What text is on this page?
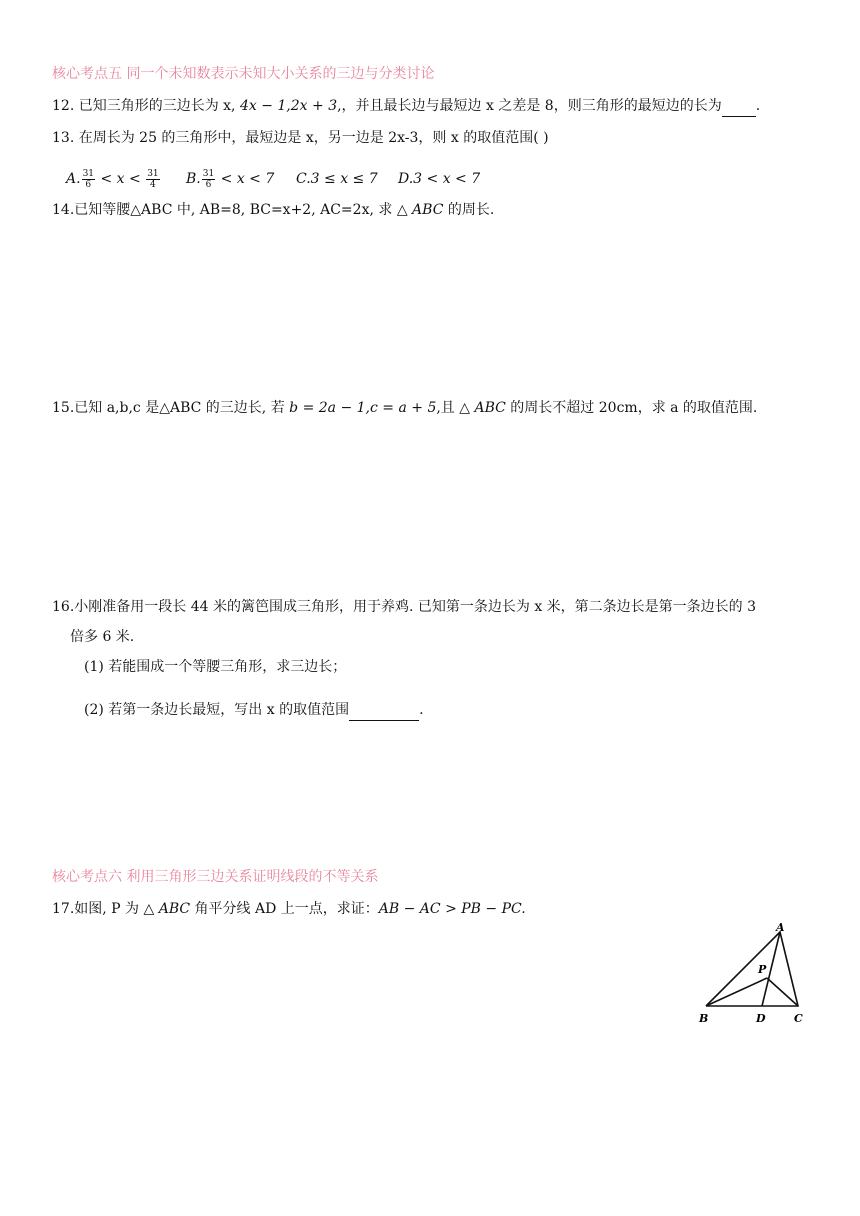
核心考点五 同一个未知数表示未知大小关系的三边与分类讨论
12. 已知三角形的三边长为 x, 4x − 1,2x + 3,，并且最长边与最短边 x 之差是 8，则三角形的最短边的长为 .
13. 在周长为 25 的三角形中，最短边是 x，另一边是 2x-3，则 x 的取值范围( )
A. $\frac{31}{6} < x < \frac{31}{4} B$. $\frac{31}{6} < x < 7$ C.3 ≤ x ≤ 7 D.3 < x < 7
14.已知等腰△ABC 中, AB=8, BC=x+2, AC=2x, 求 △ ABC 的周长.
15.已知 a,b,c 是△ABC 的三边长, 若 b = 2a − 1,c = a + 5,且 △ ABC 的周长不超过 20cm，求 a 的取值范围.
16.小刚准备用一段长 44 米的篱笆围成三角形，用于养鸡. 已知第一条边长为 x 米，第二条边长是第一条边长的 3
倍多 6 米.
(1) 若能围成一个等腰三角形，求三边长；
(2) 若第一条边长最短，写出 x 的取值范围	.
核心考点六 利用三角形三边关系证明线段的不等关系
17.如图, P 为 △ ABC 角平分线 AD 上一点，求证：AB − AC > PB − PC.
A
B	D	C
P
